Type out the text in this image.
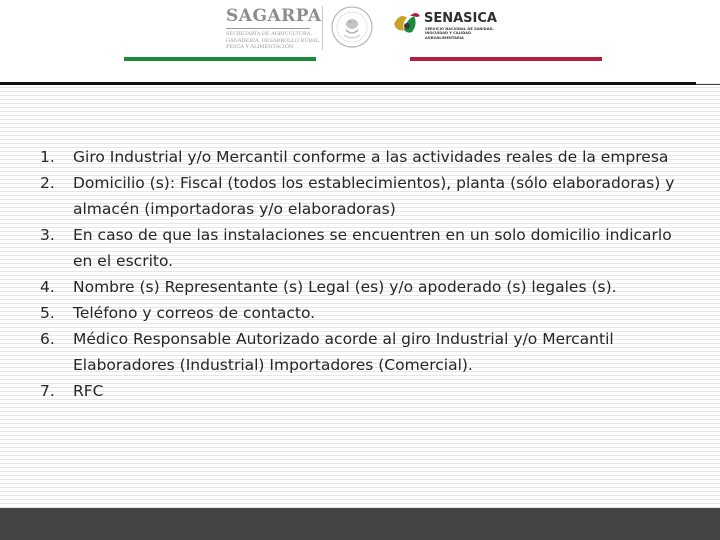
SAGARPA
SECRETARÍA DE AGRICULTURA,
GANADERÍA, DESARROLLO RURAL,
PESCA Y ALIMENTACIÓN
SENASICA
SERVICIO NACIONAL DE SANIDAD,
INOCUIDAD Y CALIDAD
AGROALIMENTARIA
1. Giro Industrial y/o Mercantil conforme a las actividades reales de la empresa
2. Domicilio (s): Fiscal (todos los establecimientos), planta (sólo elaboradoras) y almacén (importadoras y/o elaboradoras)
3. En caso de que las instalaciones se encuentren en un solo domicilio indicarlo en el escrito.
4. Nombre (s) Representante (s) Legal (es) y/o apoderado (s) legales (s).
5. Teléfono y correos de contacto.
6. Médico Responsable Autorizado acorde al giro Industrial y/o Mercantil Elaboradores (Industrial) Importadores (Comercial).
7. RFC
